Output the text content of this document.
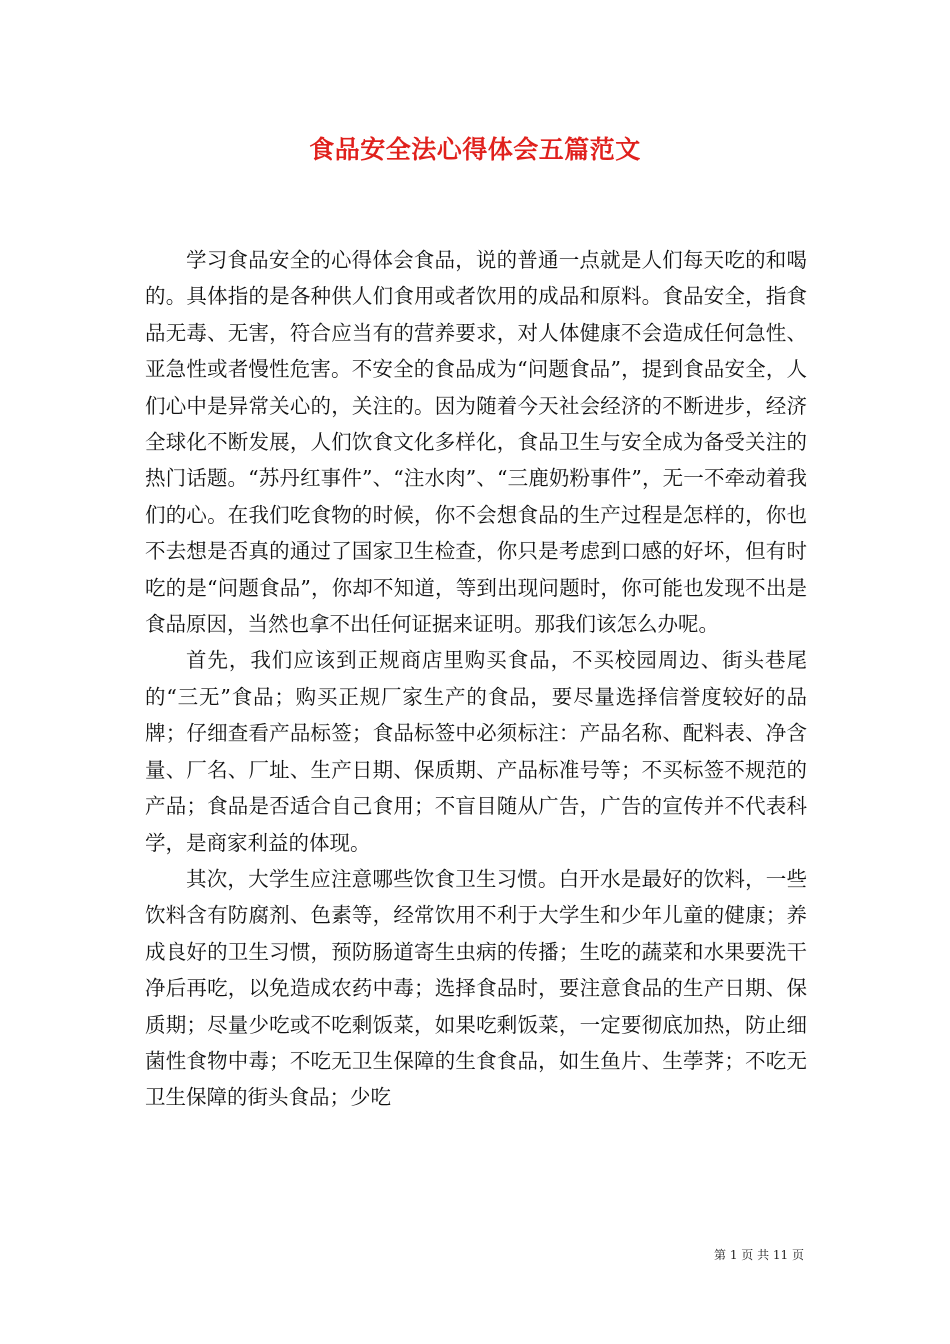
食品安全法心得体会五篇范文

学习食品安全的心得体会食品，说的普通一点就是人们每天吃的和喝的。具体指的是各种供人们食用或者饮用的成品和原料。食品安全，指食品无毒、无害，符合应当有的营养要求，对人体健康不会造成任何急性、亚急性或者慢性危害。不安全的食品成为“问题食品”，提到食品安全，人们心中是异常关心的，关注的。因为随着今天社会经济的不断进步，经济全球化不断发展，人们饮食文化多样化，食品卫生与安全成为备受关注的热门话题。“苏丹红事件”、“注水肉”、“三鹿奶粉事件”，无一不牵动着我们的心。在我们吃食物的时候，你不会想食品的生产过程是怎样的，你也不去想是否真的通过了国家卫生检查，你只是考虑到口感的好坏，但有时吃的是“问题食品”，你却不知道，等到出现问题时，你可能也发现不出是食品原因，当然也拿不出任何证据来证明。那我们该怎么办呢。

首先，我们应该到正规商店里购买食品，不买校园周边、街头巷尾的“三无”食品；购买正规厂家生产的食品，要尽量选择信誉度较好的品牌；仔细查看产品标签；食品标签中必须标注：产品名称、配料表、净含量、厂名、厂址、生产日期、保质期、产品标准号等；不买标签不规范的产品；食品是否适合自己食用；不盲目随从广告，广告的宣传并不代表科学，是商家利益的体现。

其次，大学生应注意哪些饮食卫生习惯。白开水是最好的饮料，一些饮料含有防腐剂、色素等，经常饮用不利于大学生和少年儿童的健康；养成良好的卫生习惯，预防肠道寄生虫病的传播；生吃的蔬菜和水果要洗干净后再吃，以免造成农药中毒；选择食品时，要注意食品的生产日期、保质期；尽量少吃或不吃剩饭菜，如果吃剩饭菜，一定要彻底加热，防止细菌性食物中毒；不吃无卫生保障的生食食品，如生鱼片、生荸荠；不吃无卫生保障的街头食品；少吃

第 1 页 共 11 页
